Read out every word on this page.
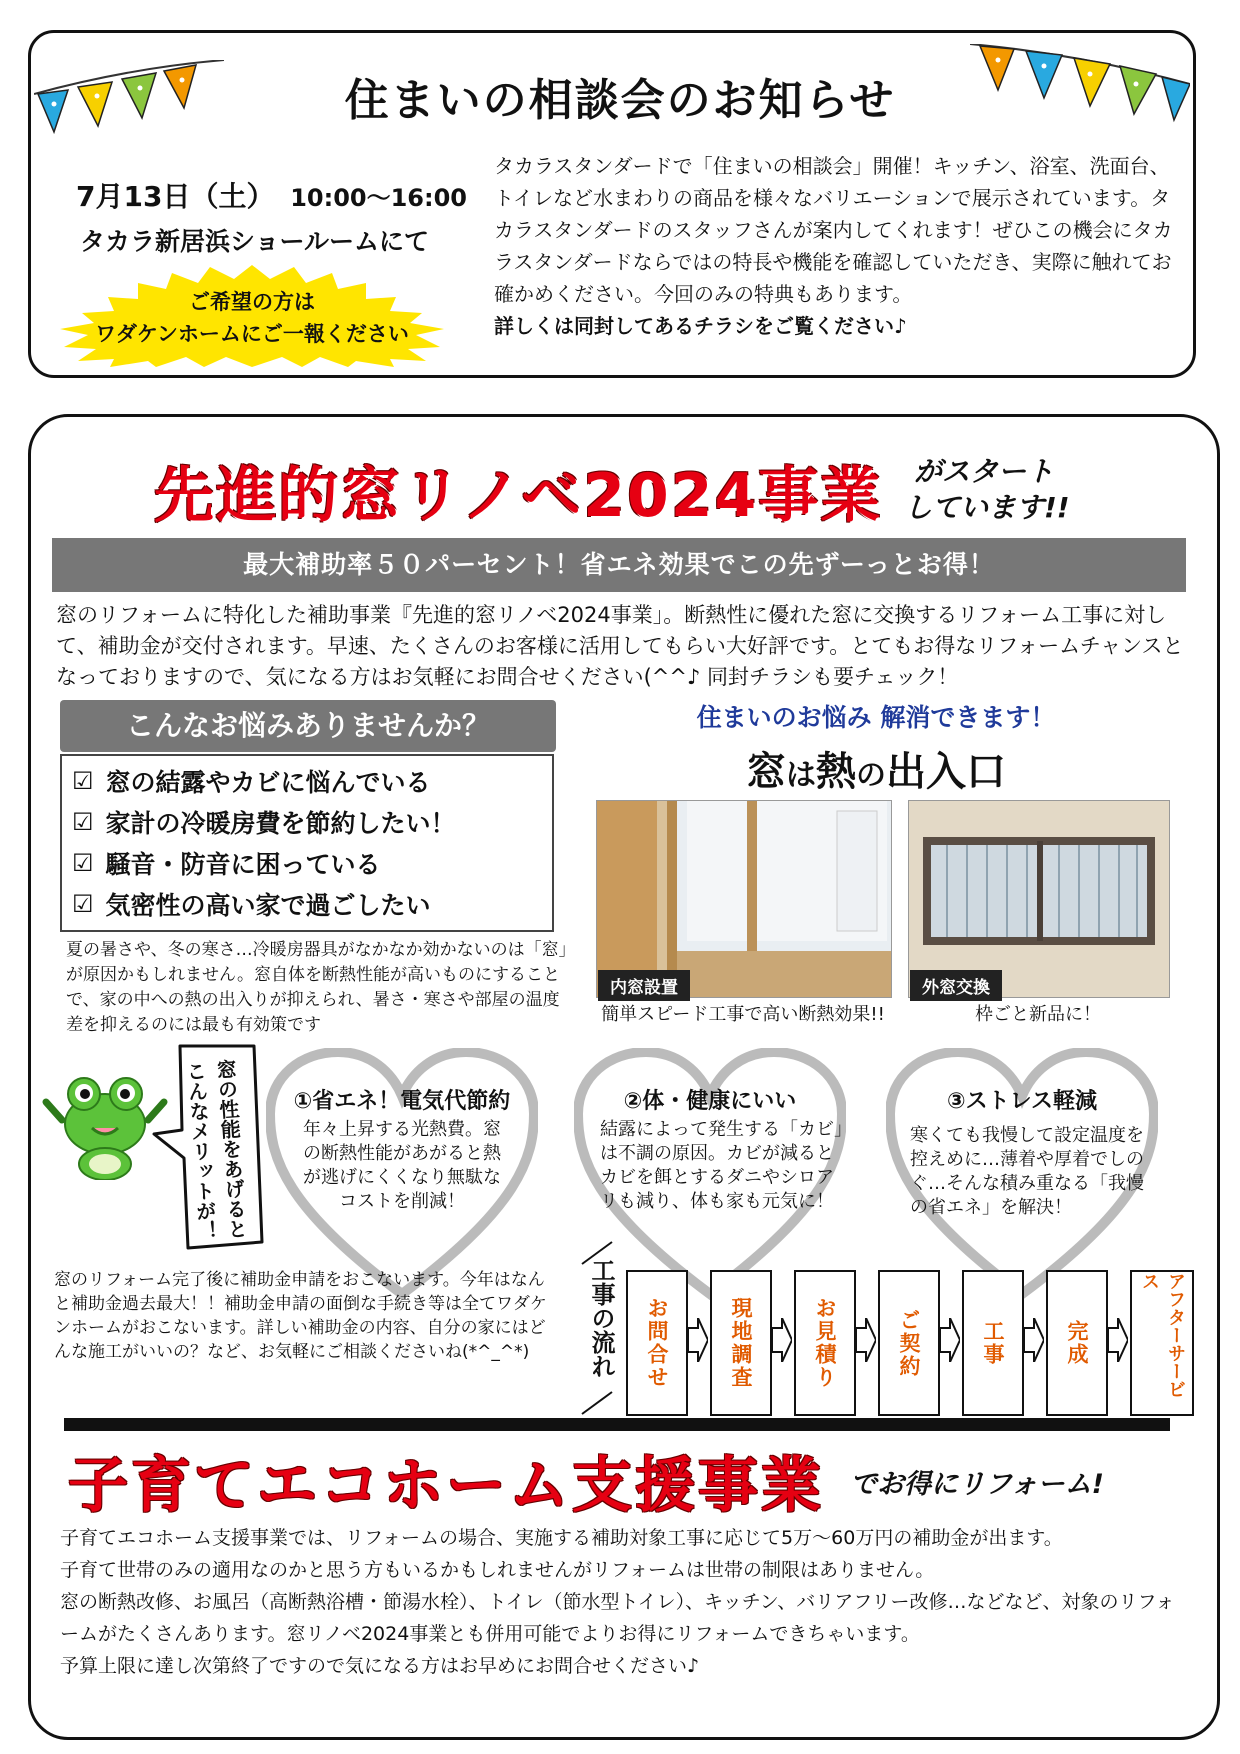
住まいの相談会のお知らせ
7月13日（土） 10:00～16:00
タカラ新居浜ショールームにて
ご希望の方は
ワダケンホームにご一報ください
タカラスタンダードで「住まいの相談会」開催！キッチン、浴室、洗面台、トイレなど水まわりの商品を様々なバリエーションで展示されています。タカラスタンダードのスタッフさんが案内してくれます！ぜひこの機会にタカラスタンダードならではの特長や機能を確認していただき、実際に触れてお確かめください。今回のみの特典もあります。
詳しくは同封してあるチラシをご覧ください♪
先進的窓リノベ2024事業 がスタート
しています!!
最大補助率５０パーセント！省エネ効果でこの先ずーっとお得！
窓のリフォームに特化した補助事業『先進的窓リノベ2024事業」。断熱性に優れた窓に交換するリフォーム工事に対して、補助金が交付されます。早速、たくさんのお客様に活用してもらい大好評です。とてもお得なリフォームチャンスとなっておりますので、気になる方はお気軽にお問合せください(^^♪ 同封チラシも要チェック！
こんなお悩みありませんか？
☑ 窓の結露やカビに悩んでいる
☑ 家計の冷暖房費を節約したい！
☑ 騒音・防音に困っている
☑ 気密性の高い家で過ごしたい
夏の暑さや、冬の寒さ…冷暖房器具がなかなか効かないのは「窓」が原因かもしれません。窓自体を断熱性能が高いものにすることで、家の中への熱の出入りが抑えられ、暑さ・寒さや部屋の温度差を抑えるのには最も有効策です
住まいのお悩み 解消できます！
窓は熱の出入口
内窓設置
簡単スピード工事で高い断熱効果!!
外窓交換
枠ごと新品に！
窓の性能をあげるとこんなメリットが！	①省エネ！電気代節約
年々上昇する光熱費。窓の断熱性能があがると熱が逃げにくくなり無駄なコストを削減！
②体・健康にいい
結露によって発生する「カビ」は不調の原因。カビが減るとカビを餌とするダニやシロアリも減り、体も家も元気に！
③ストレス軽減
寒くても我慢して設定温度を控えめに…薄着や厚着でしのぐ…そんな積み重なる「我慢の省エネ」を解決！
窓のリフォーム完了後に補助金申請をおこないます。今年はなんと補助金過去最大！！補助金申請の面倒な手続き等は全てワダケンホームがおこないます。詳しい補助金の内容、自分の家にはどんな施工がいいの？など、お気軽にご相談くださいね(*^_^*)	工事の流れ お問合せ	現地調査	お見積り	ご契約	工事	完成	アフターサービス
子育てエコホーム支援事業 でお得にリフォーム!
子育てエコホーム支援事業では、リフォームの場合、実施する補助対象工事に応じて5万～60万円の補助金が出ます。
子育て世帯のみの適用なのかと思う方もいるかもしれませんがリフォームは世帯の制限はありません。
窓の断熱改修、お風呂（高断熱浴槽・節湯水栓）、トイレ（節水型トイレ）、キッチン、バリアフリー改修…などなど、対象のリフォームがたくさんあります。窓リノベ2024事業とも併用可能でよりお得にリフォームできちゃいます。
予算上限に達し次第終了ですので気になる方はお早めにお問合せください♪
